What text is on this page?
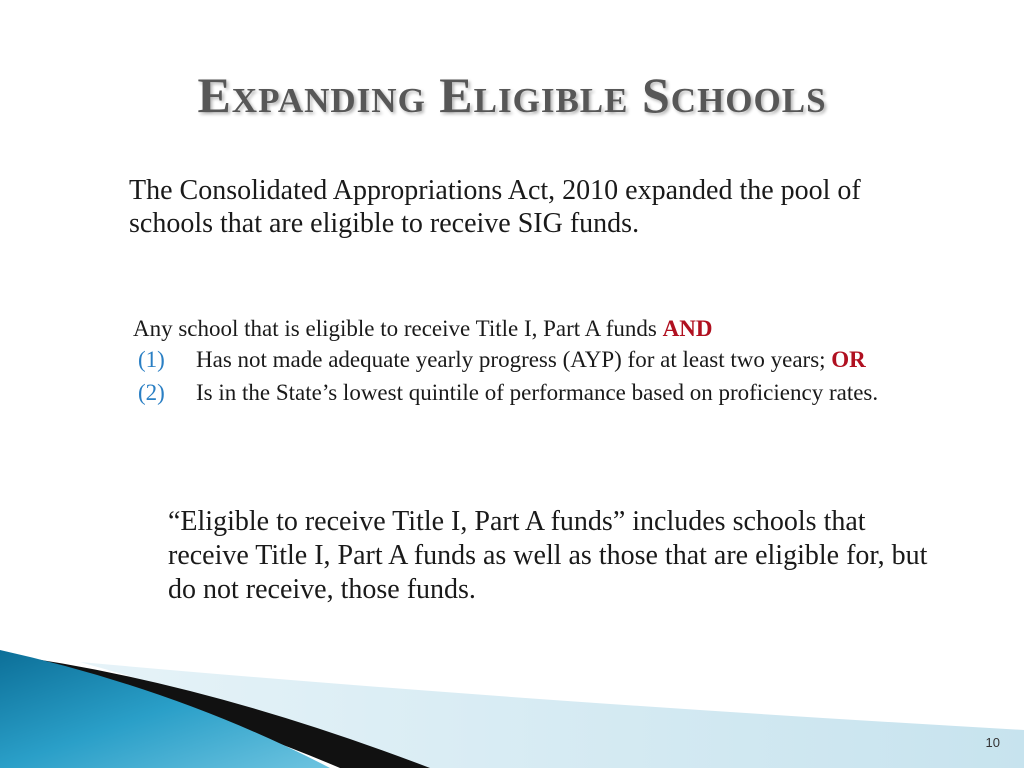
Expanding Eligible Schools

The Consolidated Appropriations Act, 2010 expanded the pool of schools that are eligible to receive SIG funds.

Any school that is eligible to receive Title I, Part A funds AND

(1) Has not made adequate yearly progress (AYP) for at least two years; OR
(2) Is in the State’s lowest quintile of performance based on proficiency rates.

“Eligible to receive Title I, Part A funds” includes schools that receive Title I, Part A funds as well as those that are eligible for, but do not receive, those funds.

10
